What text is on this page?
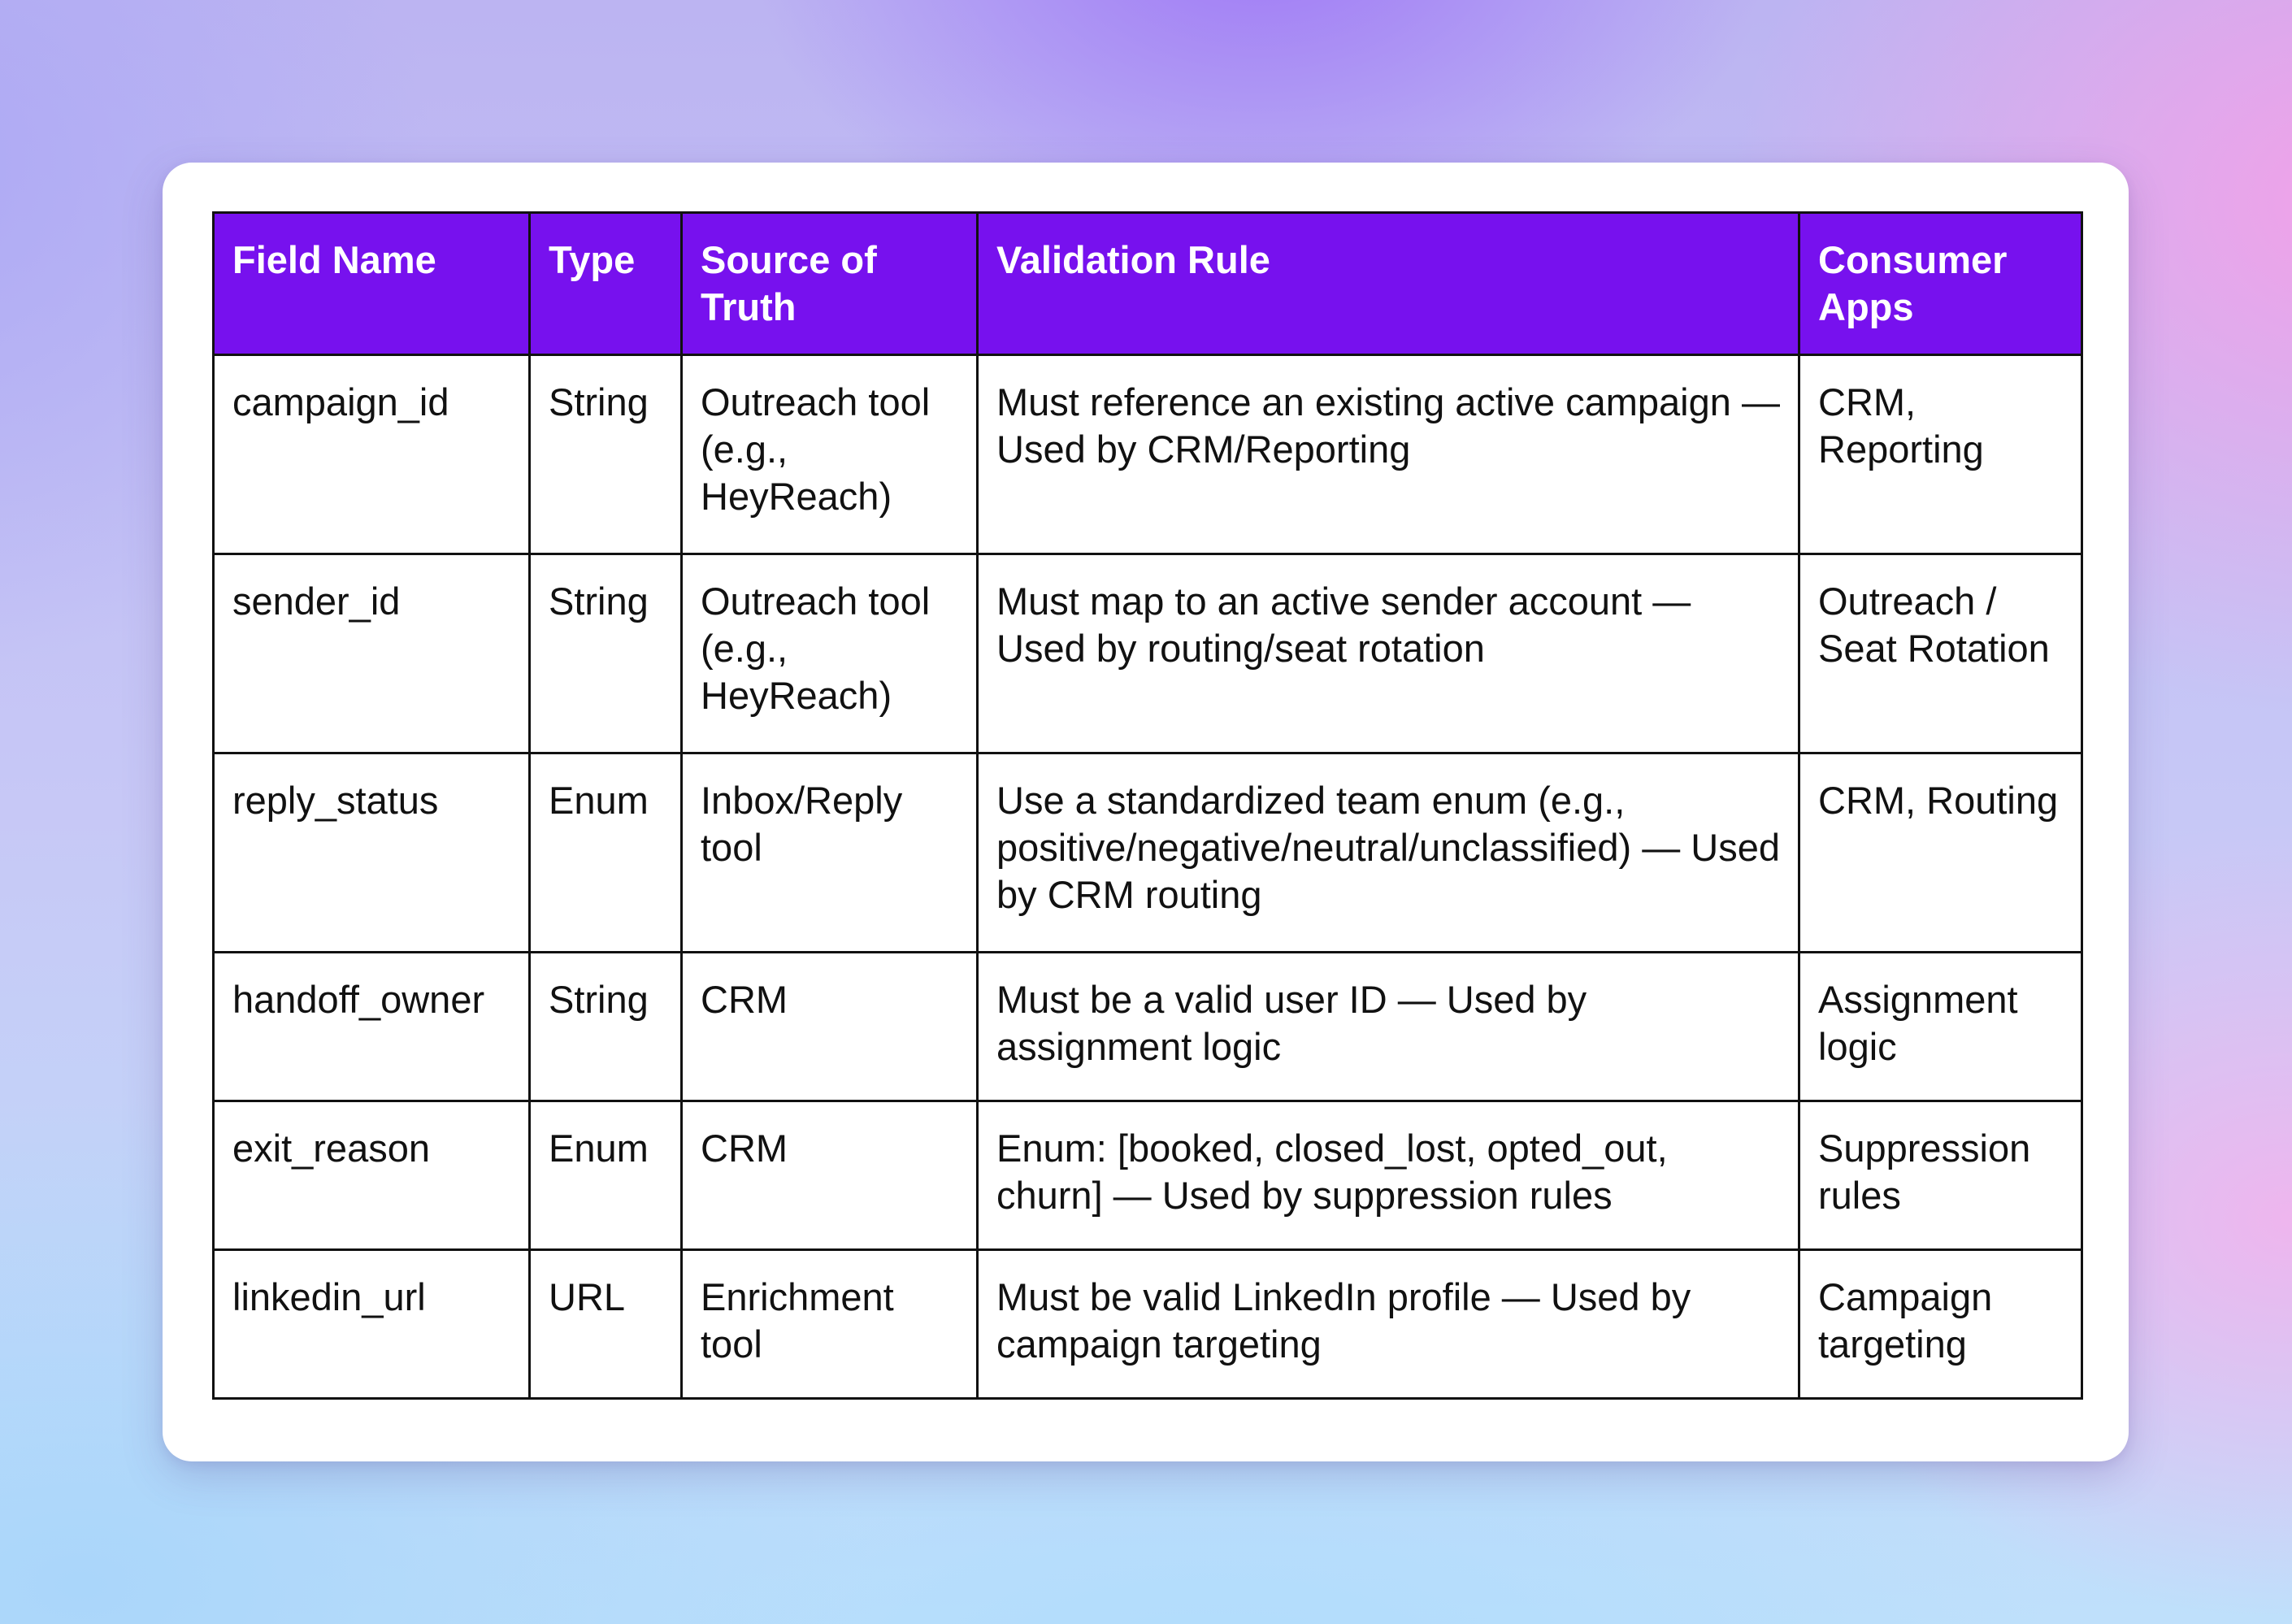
Field Name	Type	Source of Truth	Validation Rule	Consumer Apps
campaign_id	String	Outreach tool (e.g., HeyReach)	Must reference an existing active campaign — Used by CRM/Reporting	CRM, Reporting
sender_id	String	Outreach tool (e.g., HeyReach)	Must map to an active sender account — Used by routing/seat rotation	Outreach / Seat Rotation
reply_status	Enum	Inbox/Reply tool	Use a standardized team enum (e.g., positive/negative/neutral/unclassified) — Used by CRM routing	CRM, Routing
handoff_owner	String	CRM	Must be a valid user ID — Used by assignment logic	Assignment logic
exit_reason	Enum	CRM	Enum: [booked, closed_lost, opted_out, churn] — Used by suppression rules	Suppression rules
linkedin_url	URL	Enrichment tool	Must be valid LinkedIn profile — Used by campaign targeting	Campaign targeting
